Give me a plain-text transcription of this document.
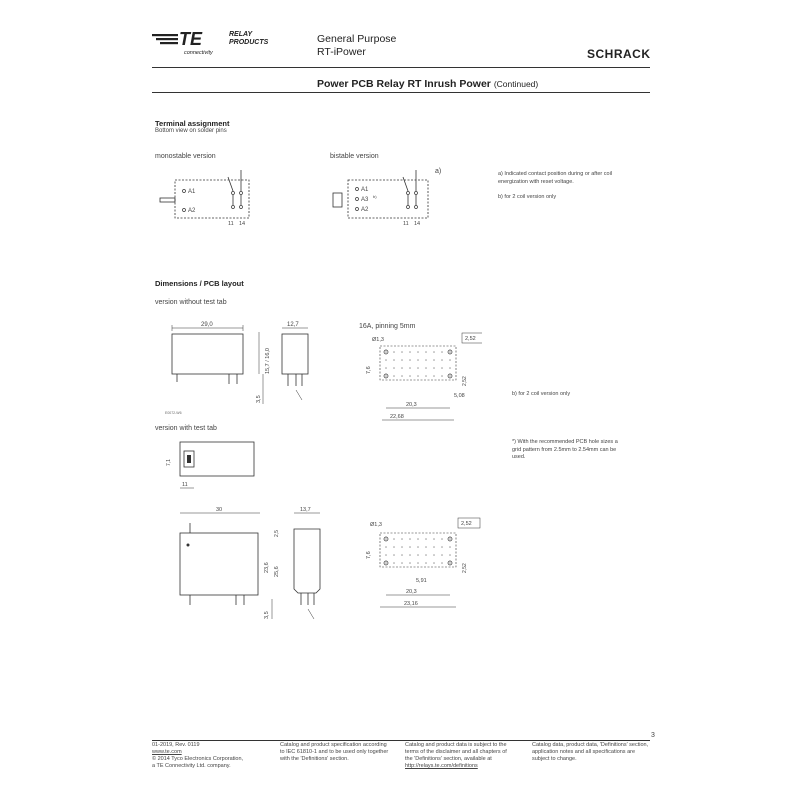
TE
connectivity
RELAY
PRODUCTS	General Purpose
RT-iPower	SCHRACK
Power PCB Relay RT Inrush Power (Continued)
Terminal assignment
Bottom view on solder pins
monostable version	bistable version
a)
A1
A2
11 14
A1
A3
b)
A2
11 14
a) Indicated contact position during or after coil energization with reset voltage.
b) for 2 coil version only
Dimensions / PCB layout
version without test tab
16A, pinning 5mm
version with test tab
b) for 2 coil version only
*) With the recommended PCB hole sizes a grid pattern from 2.5mm to 2.54mm can be used.
29,0
3,5
E0072-W6
15,7 / 16,0
12,7
Ø1,3	2,52
7,6
2,52
20,3
5,08
22,68
7,1
11
30
2,5
23,6 25,6
3,5
13,7
Ø1,3	2,52
7,6
2,52
5,91
20,3
23,16
3
01-2019, Rev. 0119
www.te.com
© 2014 Tyco Electronics Corporation,
a TE Connectivity Ltd. company.
Catalog and product specification according
to IEC 61810-1 and to be used only together
with the 'Definitions' section.
Catalog and product data is subject to the
terms of the disclaimer and all chapters of
the 'Definitions' section, available at
http://relays.te.com/definitions
Catalog data, product data, 'Definitions' section,
application notes and all specifications are
subject to change.
